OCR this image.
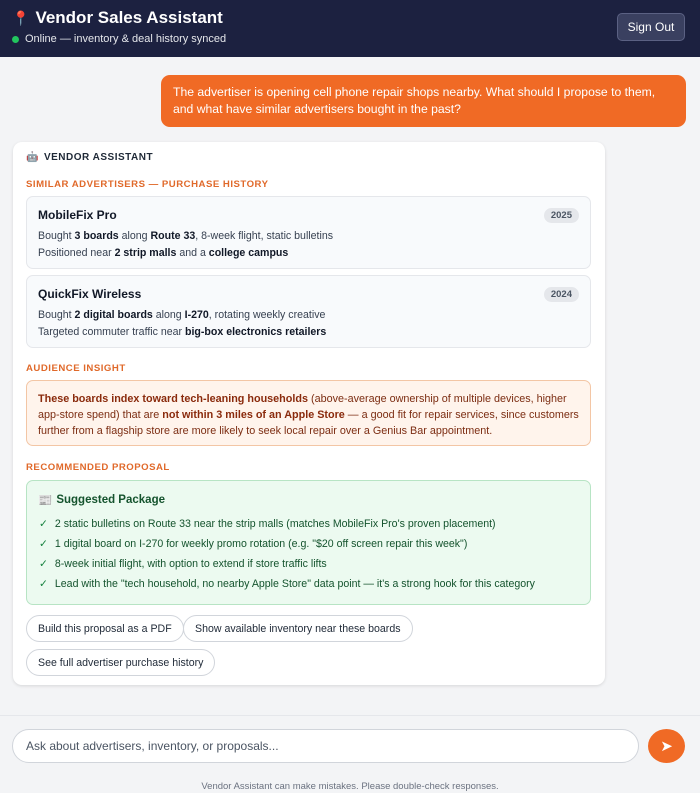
📍 Vendor Sales Assistant
Online — inventory & deal history synced
Sign Out
The advertiser is opening cell phone repair shops nearby. What should I propose to them, and what have similar advertisers bought in the past?
🤖 VENDOR ASSISTANT
SIMILAR ADVERTISERS — PURCHASE HISTORY
MobileFix Pro	2025
Bought 3 boards along Route 33, 8-week flight, static bulletins
Positioned near 2 strip malls and a college campus
QuickFix Wireless	2024
Bought 2 digital boards along I-270, rotating weekly creative
Targeted commuter traffic near big-box electronics retailers
AUDIENCE INSIGHT
These boards index toward tech-leaning households (above-average ownership of multiple devices, higher app-store spend) that are not within 3 miles of an Apple Store — a good fit for repair services, since customers further from a flagship store are more likely to seek local repair over a Genius Bar appointment.
RECOMMENDED PROPOSAL
📰 Suggested Package
✓ 2 static bulletins on Route 33 near the strip malls (matches MobileFix Pro's proven placement)
✓ 1 digital board on I-270 for weekly promo rotation (e.g. "$20 off screen repair this week")
✓ 8-week initial flight, with option to extend if store traffic lifts
✓ Lead with the "tech household, no nearby Apple Store" data point — it's a strong hook for this category
Build this proposal as a PDF	Show available inventory near these boards
See full advertiser purchase history
Ask about advertisers, inventory, or proposals...
➤
Vendor Assistant can make mistakes. Please double-check responses.
